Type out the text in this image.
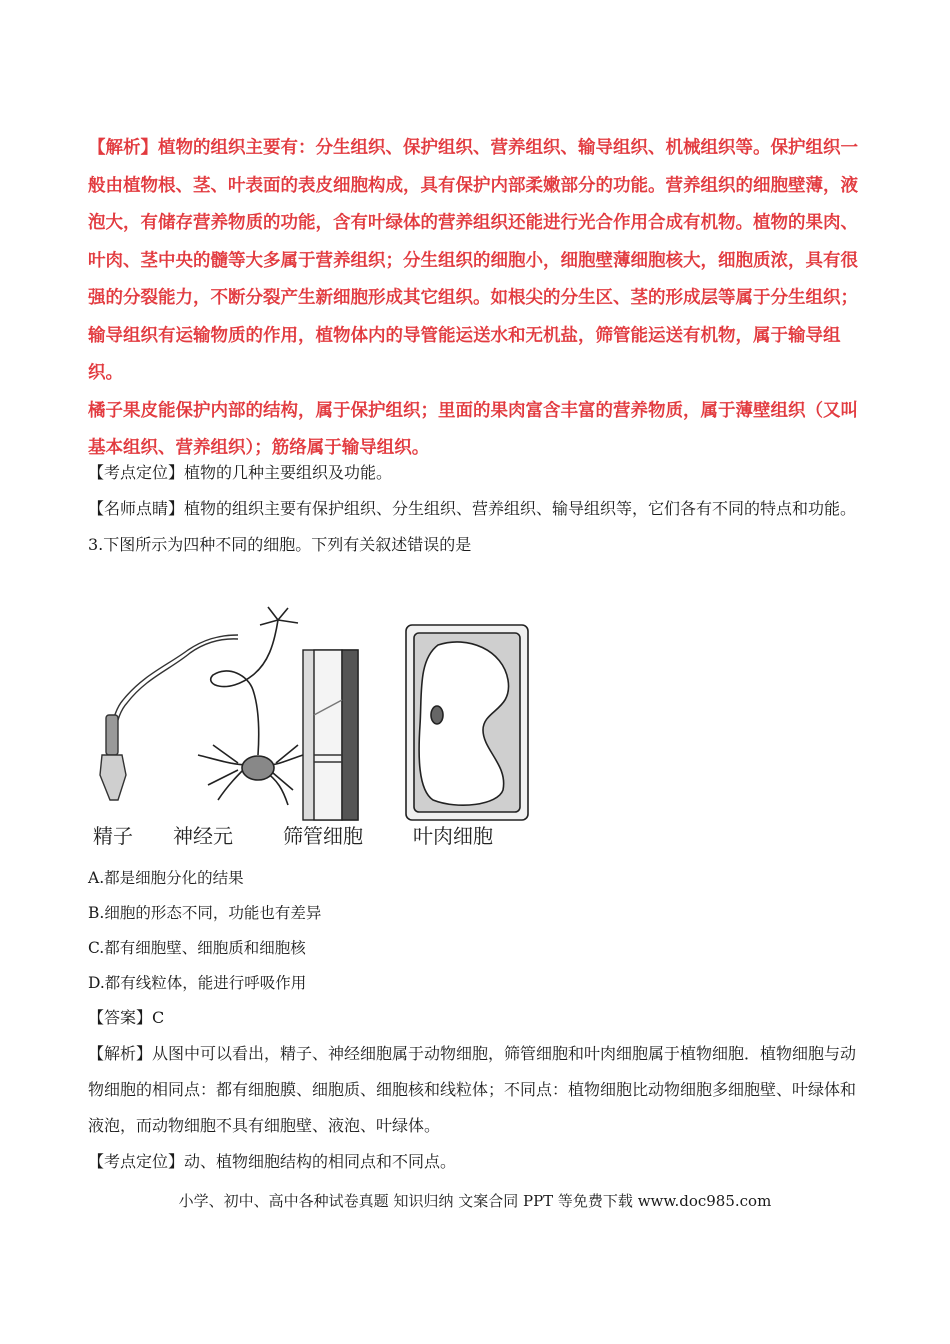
【解析】植物的组织主要有：分生组织、保护组织、营养组织、输导组织、机械组织等。保护组织一般由植物根、茎、叶表面的表皮细胞构成，具有保护内部柔嫩部分的功能。营养组织的细胞壁薄，液泡大，有储存营养物质的功能，含有叶绿体的营养组织还能进行光合作用合成有机物。植物的果肉、叶肉、茎中央的髓等大多属于营养组织；分生组织的细胞小，细胞壁薄细胞核大，细胞质浓，具有很强的分裂能力，不断分裂产生新细胞形成其它组织。如根尖的分生区、茎的形成层等属于分生组织；输导组织有运输物质的作用，植物体内的导管能运送水和无机盐，筛管能运送有机物，属于输导组织。

橘子果皮能保护内部的结构，属于保护组织；里面的果肉富含丰富的营养物质，属于薄壁组织（又叫基本组织、营养组织）；筋络属于输导组织。

【考点定位】植物的几种主要组织及功能。

【名师点睛】植物的组织主要有保护组织、分生组织、营养组织、输导组织等，它们各有不同的特点和功能。

3.下图所示为四种不同的细胞。下列有关叙述错误的是

精子 神经元	筛管细胞	叶肉细胞
A.都是细胞分化的结果
B.细胞的形态不同，功能也有差异
C.都有细胞壁、细胞质和细胞核
D.都有线粒体，能进行呼吸作用

【答案】C

【解析】从图中可以看出，精子、神经细胞属于动物细胞，筛管细胞和叶肉细胞属于植物细胞．植物细胞与动物细胞的相同点：都有细胞膜、细胞质、细胞核和线粒体；不同点：植物细胞比动物细胞多细胞壁、叶绿体和液泡，而动物细胞不具有细胞壁、液泡、叶绿体。

【考点定位】动、植物细胞结构的相同点和不同点。

小学、初中、高中各种试卷真题 知识归纳 文案合同 PPT 等免费下载 www.doc985.com
